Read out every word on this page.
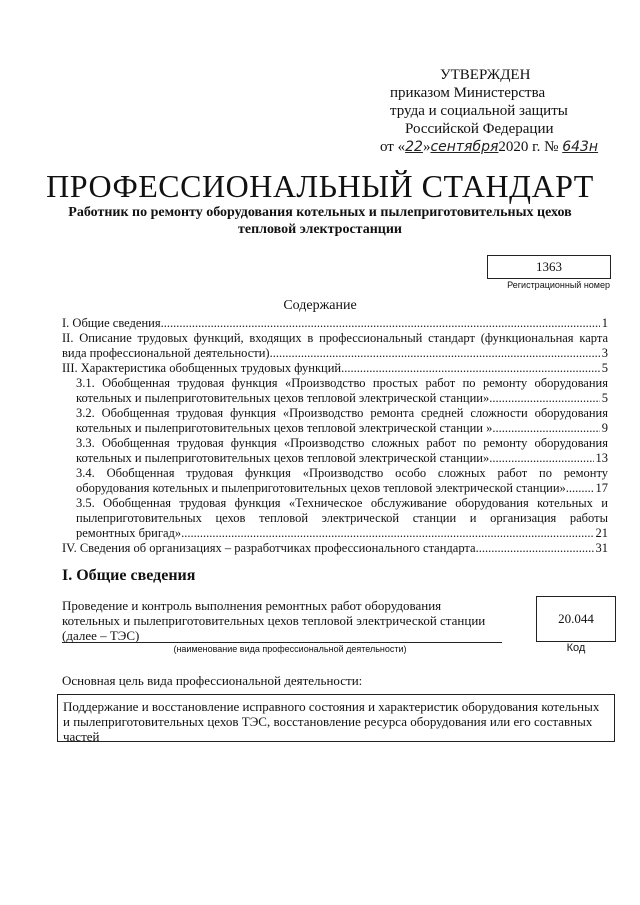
УТВЕРЖДЕН
приказом Министерства
труда и социальной защиты
Российской Федерации
от «22»сентября2020 г. № 643н
ПРОФЕССИОНАЛЬНЫЙ СТАНДАРТ
Работник по ремонту оборудования котельных и пылеприготовительных цехов
тепловой электростанции
1363
Регистрационный номер
Содержание
I. Общие сведения .....	1
II. Описание трудовых функций, входящих в профессиональный стандарт (функциональная карта
вида профессиональной деятельности) .....	3
III. Характеристика обобщенных трудовых функций .....	5
3.1. Обобщенная трудовая функция «Производство простых работ по ремонту оборудования
котельных и пылеприготовительных цехов тепловой электрической станции» .....	5
3.2. Обобщенная трудовая функция «Производство ремонта средней сложности оборудования
котельных и пылеприготовительных цехов тепловой электрической станции » .....	9
3.3. Обобщенная трудовая функция «Производство сложных работ по ремонту оборудования
котельных и пылеприготовительных цехов тепловой электрической станции» .....	13
3.4. Обобщенная трудовая функция «Производство особо сложных работ по ремонту
оборудования котельных и пылеприготовительных цехов тепловой электрической станции».. ..... 17
3.5. Обобщенная трудовая функция «Техническое обслуживание оборудования котельных и
пылеприготовительных цехов тепловой электрической станции и организация работы
ремонтных бригад» .....	21
IV. Сведения об организациях – разработчиках профессионального стандарта .....	31
I. Общие сведения
Проведение и контроль выполнения ремонтных работ оборудования
котельных и пылеприготовительных цехов тепловой электрической станции
(далее – ТЭС)
(наименование вида профессиональной деятельности)
20.044
Код
Основная цель вида профессиональной деятельности:
Поддержание и восстановление исправного состояния и характеристик оборудования котельных и пылеприготовительных цехов ТЭС, восстановление ресурса оборудования или его составных частей
